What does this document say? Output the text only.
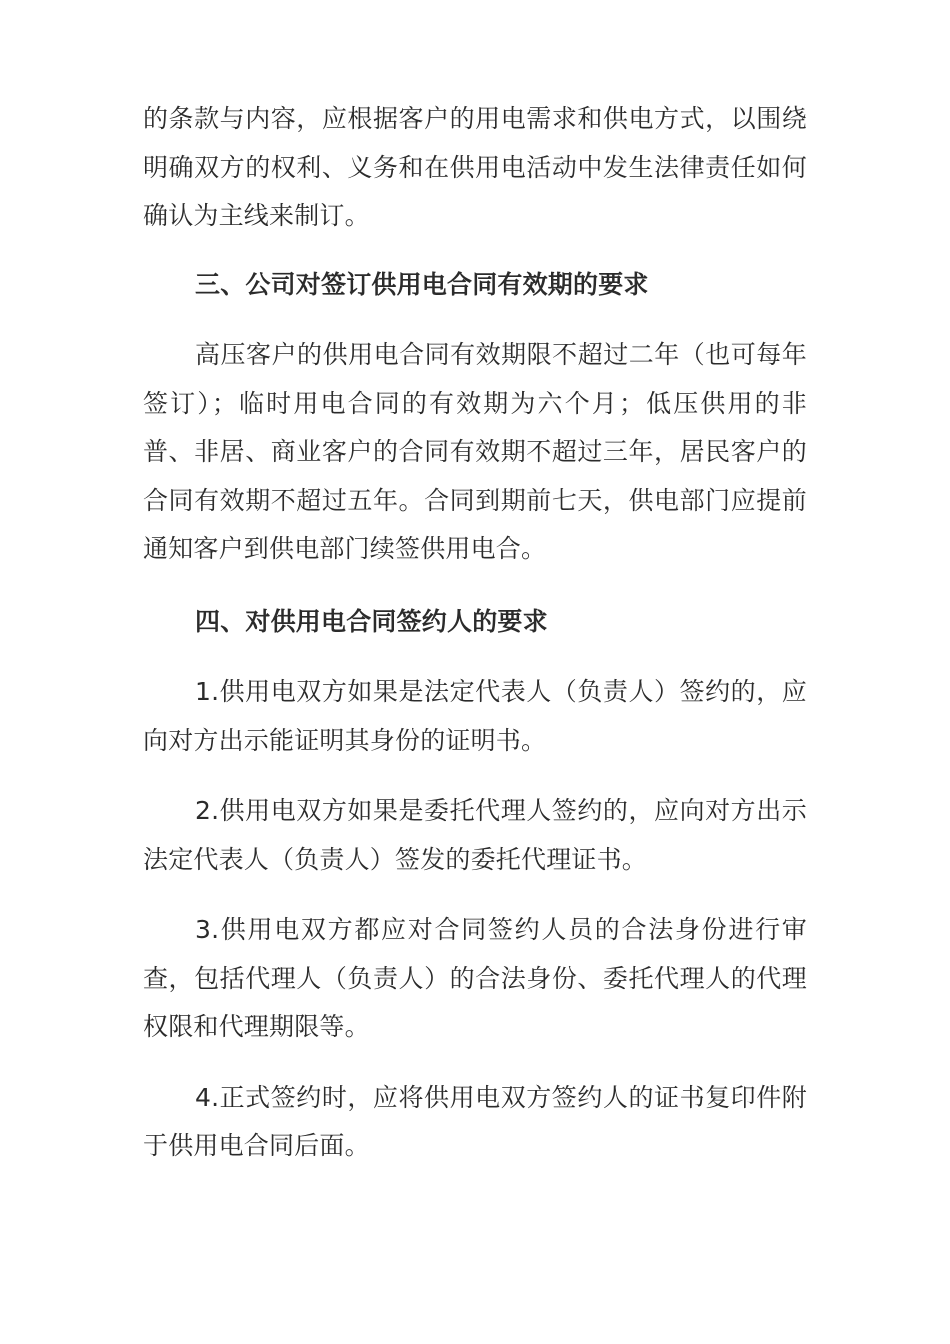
的条款与内容，应根据客户的用电需求和供电方式，以围绕明确双方的权利、义务和在供用电活动中发生法律责任如何确认为主线来制订。

三、公司对签订供用电合同有效期的要求

高压客户的供用电合同有效期限不超过二年（也可每年签订）；临时用电合同的有效期为六个月；低压供用的非普、非居、商业客户的合同有效期不超过三年，居民客户的合同有效期不超过五年。合同到期前七天，供电部门应提前通知客户到供电部门续签供用电合。

四、对供用电合同签约人的要求

1.供用电双方如果是法定代表人（负责人）签约的，应向对方出示能证明其身份的证明书。

2.供用电双方如果是委托代理人签约的，应向对方出示法定代表人（负责人）签发的委托代理证书。

3.供用电双方都应对合同签约人员的合法身份进行审查，包括代理人（负责人）的合法身份、委托代理人的代理权限和代理期限等。

4.正式签约时，应将供用电双方签约人的证书复印件附于供用电合同后面。
